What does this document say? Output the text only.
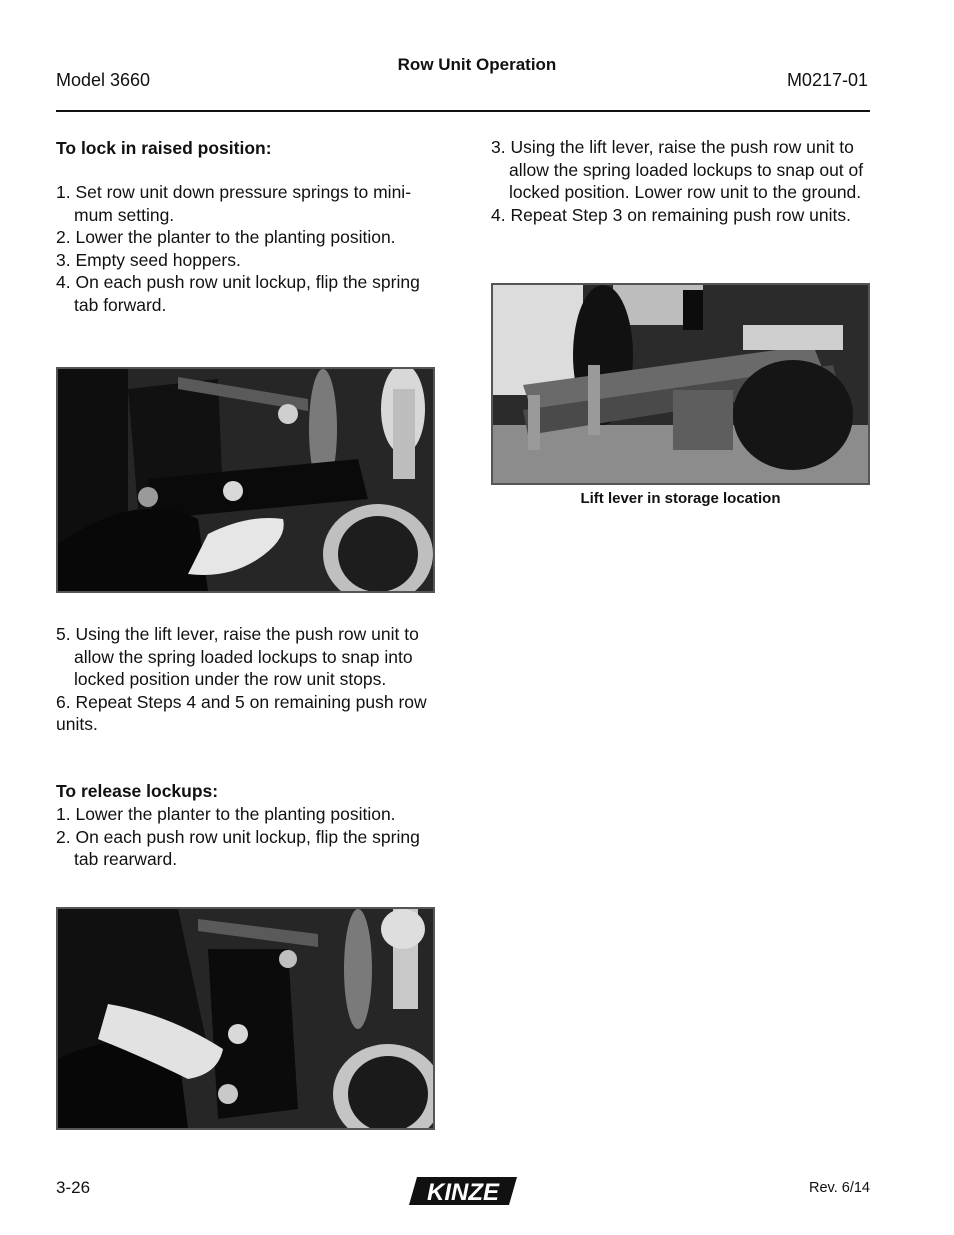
Model 3660
Row Unit Operation
M0217-01
To lock in raised position:

1. Set row unit down pressure springs to mini-mum setting.

2. Lower the planter to the planting position.

3. Empty seed hoppers.

4. On each push row unit lockup, flip the spring tab forward.

5. Using the lift lever, raise the push row unit to allow the spring loaded lockups to snap into locked position under the row unit stops.

6. Repeat Steps 4 and 5 on remaining push row units.

To release lockups:

1. Lower the planter to the planting position.

2. On each push row unit lockup, flip the spring tab rearward.

3. Using the lift lever, raise the push row unit to allow the spring loaded lockups to snap out of locked position. Lower row unit to the ground.

4. Repeat Step 3 on remaining push row units.

Lift lever in storage location
3-26	KINZE	Rev. 6/14
